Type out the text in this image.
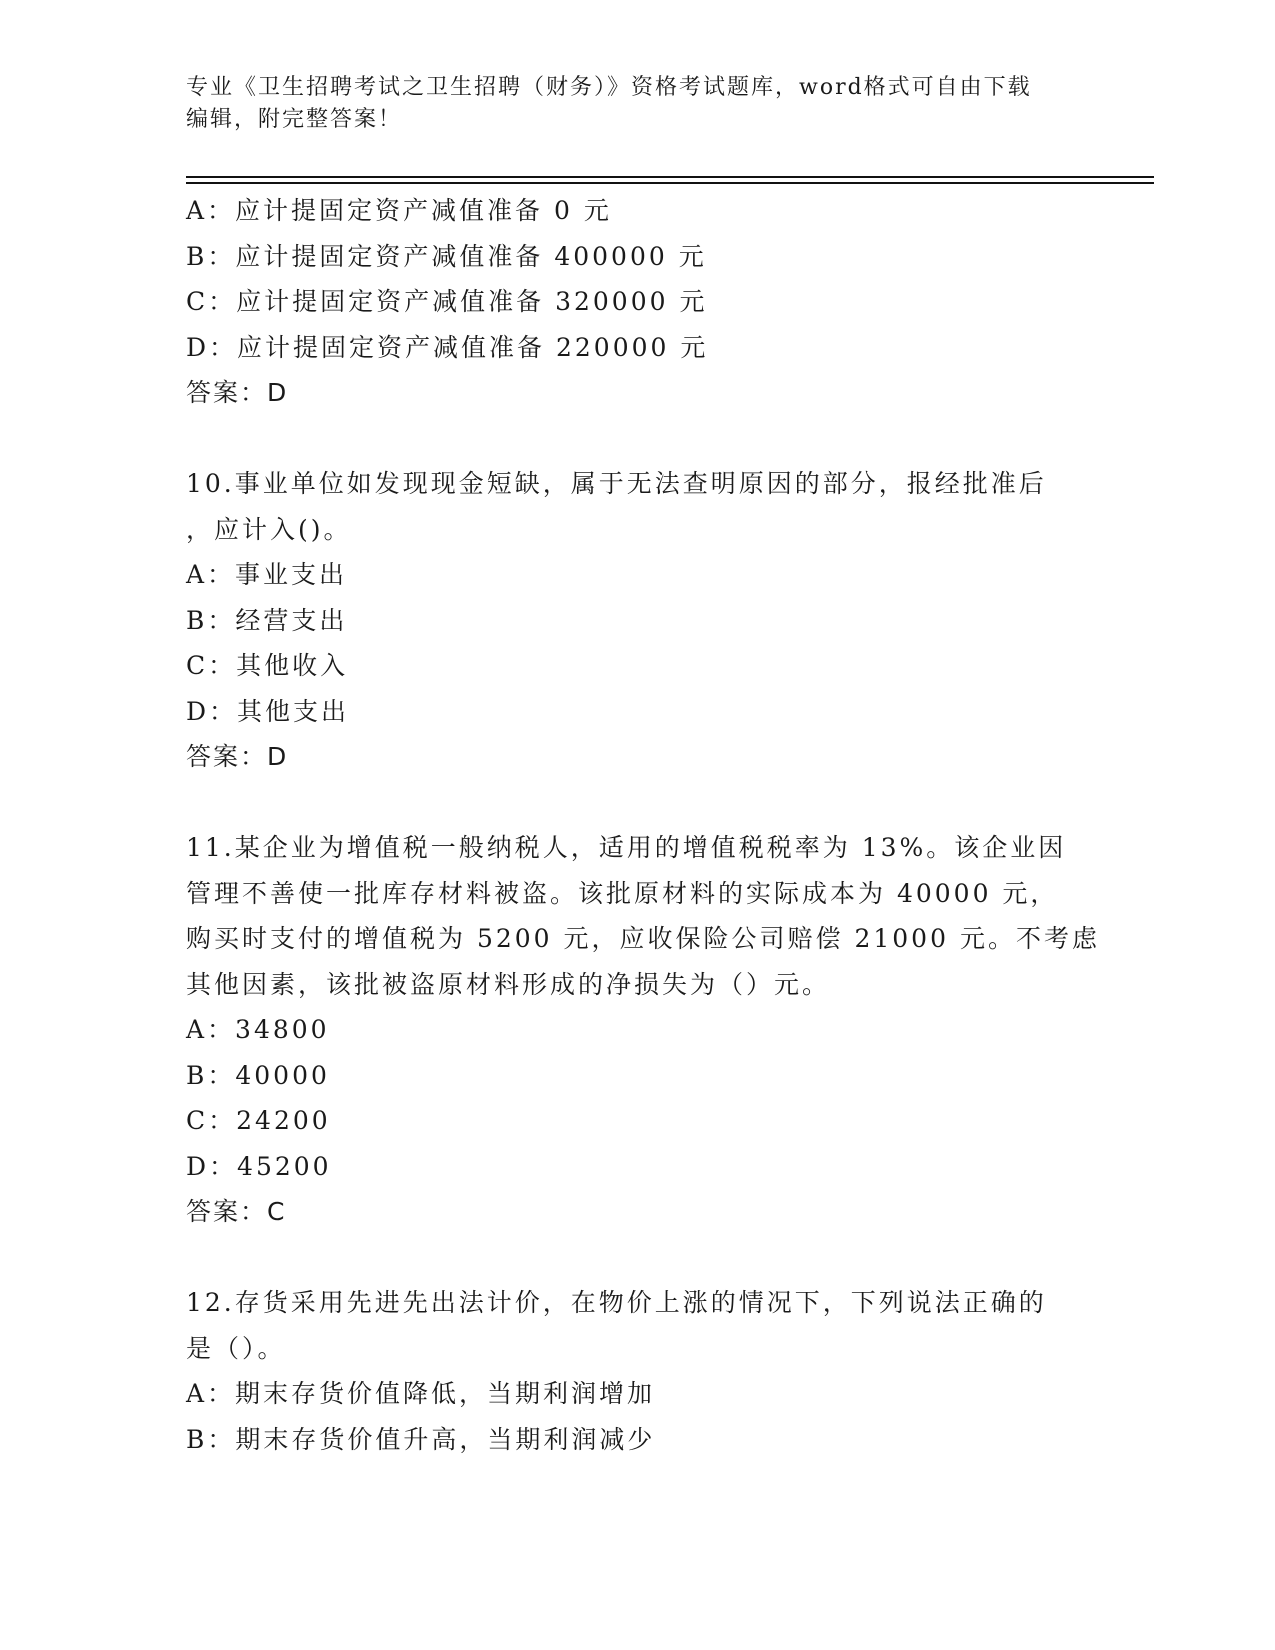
专业《卫生招聘考试之卫生招聘（财务）》资格考试题库，word格式可自由下载
编辑，附完整答案！
A：应计提固定资产减值准备 0 元
B：应计提固定资产减值准备 400000 元
C：应计提固定资产减值准备 320000 元
D：应计提固定资产减值准备 220000 元
答案：D
10.事业单位如发现现金短缺，属于无法查明原因的部分，报经批准后
，应计入()。
A：事业支出
B：经营支出
C：其他收入
D：其他支出
答案：D
11.某企业为增值税一般纳税人，适用的增值税税率为 13%。该企业因
管理不善使一批库存材料被盗。该批原材料的实际成本为 40000 元，
购买时支付的增值税为 5200 元，应收保险公司赔偿 21000 元。不考虑
其他因素，该批被盗原材料形成的净损失为（）元。
A：34800
B：40000
C：24200
D：45200
答案：C
12.存货采用先进先出法计价，在物价上涨的情况下，下列说法正确的
是（）。
A：期末存货价值降低，当期利润增加
B：期末存货价值升高，当期利润减少
